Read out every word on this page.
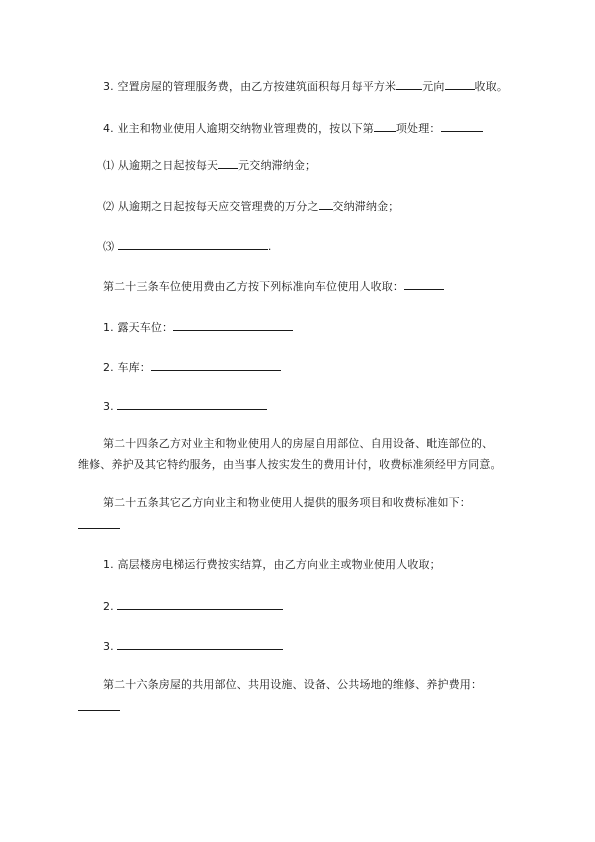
3. 空置房屋的管理服务费，由乙方按建筑面积每月每平方米 元向	收取。
4. 业主和物业使用人逾期交纳物业管理费的，按以下第 项处理：
⑴ 从逾期之日起按每天 元交纳滞纳金；
⑵ 从逾期之日起按每天应交管理费的万分之 交纳滞纳金；
⑶	.
第二十三条车位使用费由乙方按下列标准向车位使用人收取：
1. 露天车位：
2. 车库：
3.
第二十四条乙方对业主和物业使用人的房屋自用部位、自用设备、毗连部位的、
维修、养护及其它特约服务，由当事人按实发生的费用计付，收费标准须经甲方同意。
第二十五条其它乙方向业主和物业使用人提供的服务项目和收费标准如下：
1. 高层楼房电梯运行费按实结算，由乙方向业主或物业使用人收取；
2.
3.
第二十六条房屋的共用部位、共用设施、设备、公共场地的维修、养护费用：
